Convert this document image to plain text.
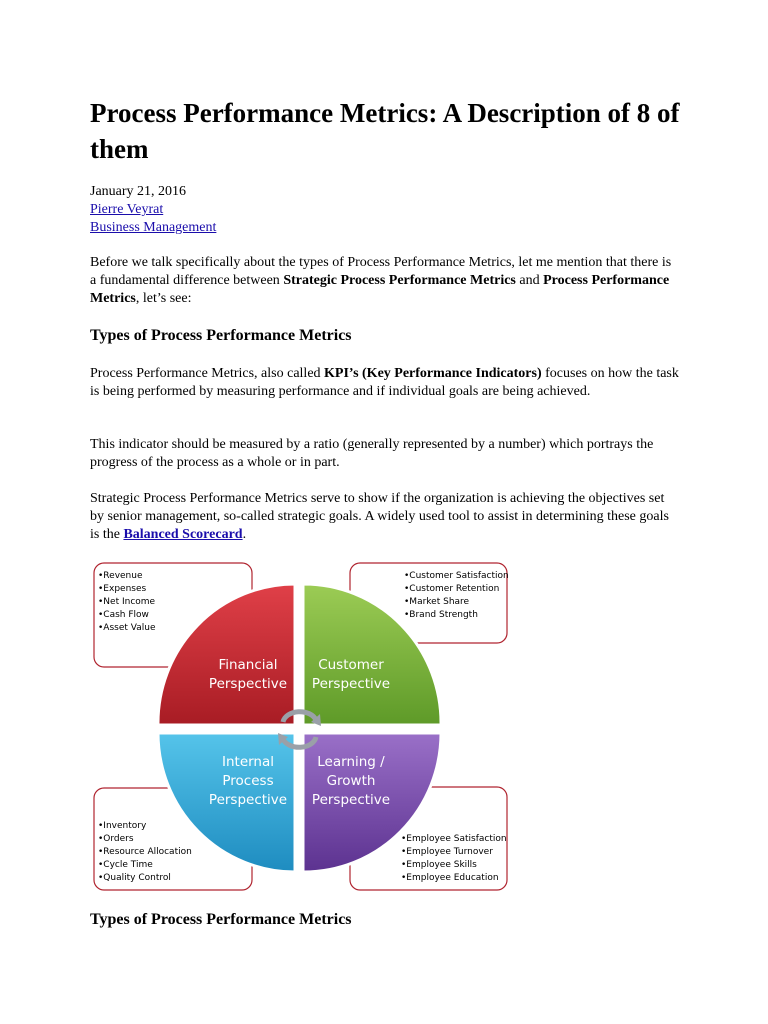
Process Performance Metrics: A Description of 8 of them
January 21, 2016
Pierre Veyrat
Business Management

Before we talk specifically about the types of Process Performance Metrics, let me mention that there is a fundamental difference between Strategic Process Performance Metrics and Process Performance Metrics, let’s see:

Types of Process Performance Metrics

Process Performance Metrics, also called KPI’s (Key Performance Indicators) focuses on how the task is being performed by measuring performance and if individual goals are being achieved.

This indicator should be measured by a ratio (generally represented by a number) which portrays the progress of the process as a whole or in part.

Strategic Process Performance Metrics serve to show if the organization is achieving the objectives set by senior management, so-called strategic goals. A widely used tool to assist in determining these goals is the Balanced Scorecard.

Types of Process Performance Metrics
•Revenue
•Expenses
•Net Income
•Cash Flow
•Asset Value
•Customer Satisfaction
•Customer Retention
•Market Share
•Brand Strength
•Inventory
•Orders
•Resource Allocation
•Cycle Time
•Quality Control
•Employee Satisfaction
•Employee Turnover
•Employee Skills
•Employee Education
Financial
Perspective
Customer
Perspective
Internal
Process
Perspective
Learning /
Growth
Perspective
